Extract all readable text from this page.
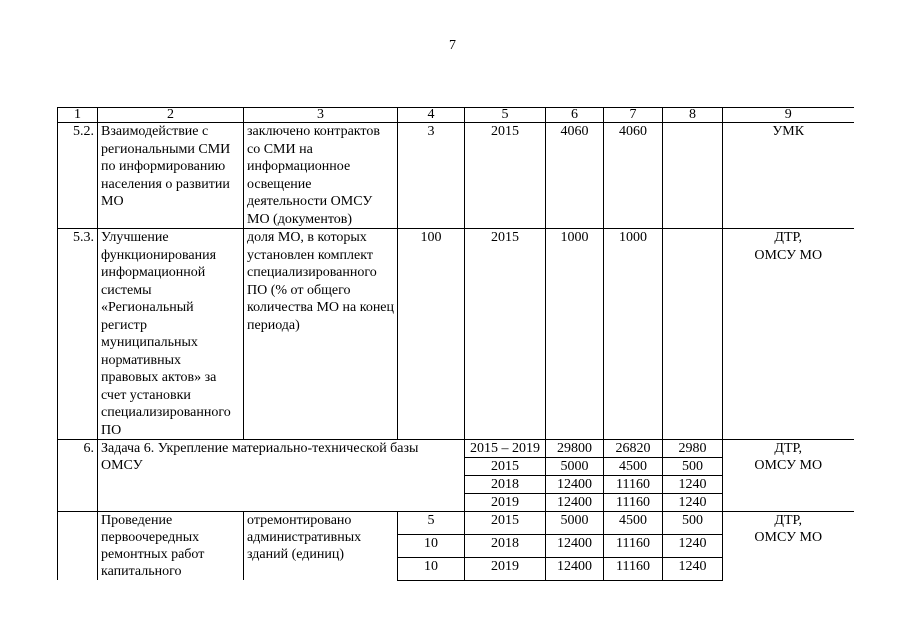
7
1	2	3	4	5	6	7	8	9
5.2.	Взаимодействие с региональными СМИ по информированию населения о развитии МО	заключено контрактов со СМИ на информационное освещение деятельности ОМСУ МО (документов)	3	2015	4060	4060		УМК
5.3.	Улучшение функционирования информационной системы «Региональный регистр муниципальных нормативных правовых актов» за счет установки специализированного ПО	доля МО, в которых установлен комплект специализированного ПО (% от общего количества МО на конец периода)	100	2015	1000	1000		ДТР,
ОМСУ МО

6.	Задача 6. Укрепление материально-технической базы ОМСУ			2015 – 2019	29800	26820	2980	ДТР,
ОМСУ МО

				2015	5000	4500	500	
				2018	12400	11160	1240	
				2019	12400	11160	1240	
	Проведение первоочередных ремонтных работ капитального	отремонтировано административных зданий (единиц)	5	2015	5000	4500	500	ДТР,
ОМСУ МО

			10	2018	12400	11160	1240	
			10	2019	12400	11160	1240	
